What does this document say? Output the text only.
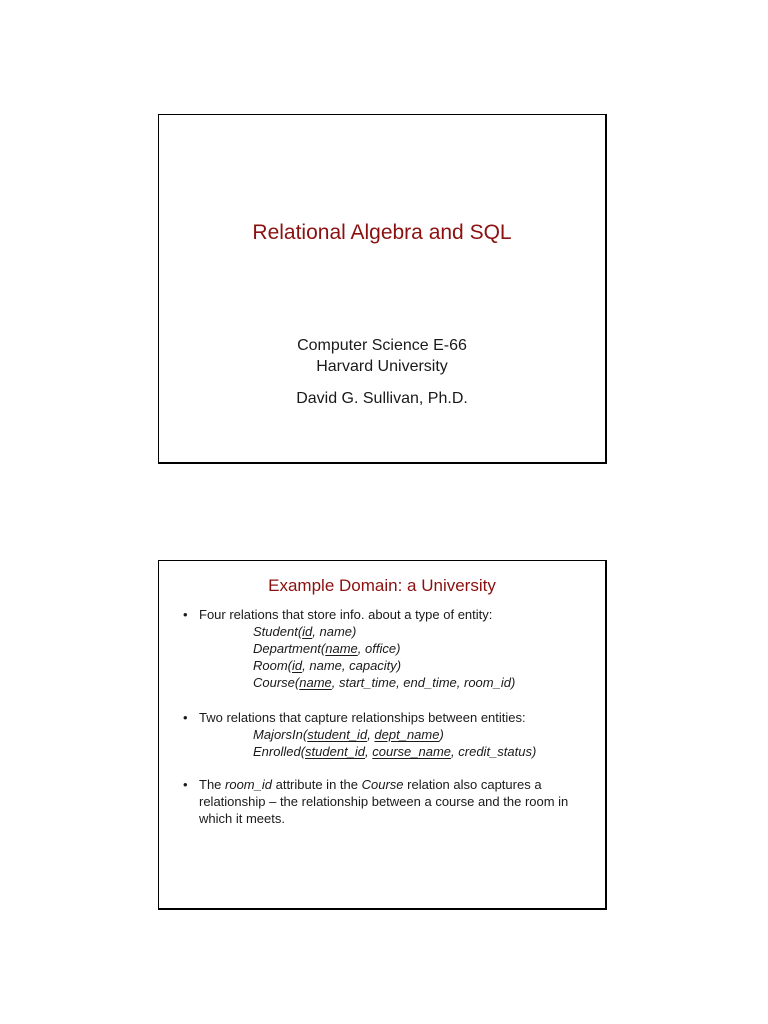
Relational Algebra and SQL
Computer Science E-66
Harvard University
David G. Sullivan, Ph.D.
Example Domain: a University
• Four relations that store info. about a type of entity:
Student(id, name)
Department(name, office)
Room(id, name, capacity)
Course(name, start_time, end_time, room_id)
• Two relations that capture relationships between entities:
MajorsIn(student_id, dept_name)
Enrolled(student_id, course_name, credit_status)
• The room_id attribute in the Course relation also captures a relationship – the relationship between a course and the room in which it meets.
